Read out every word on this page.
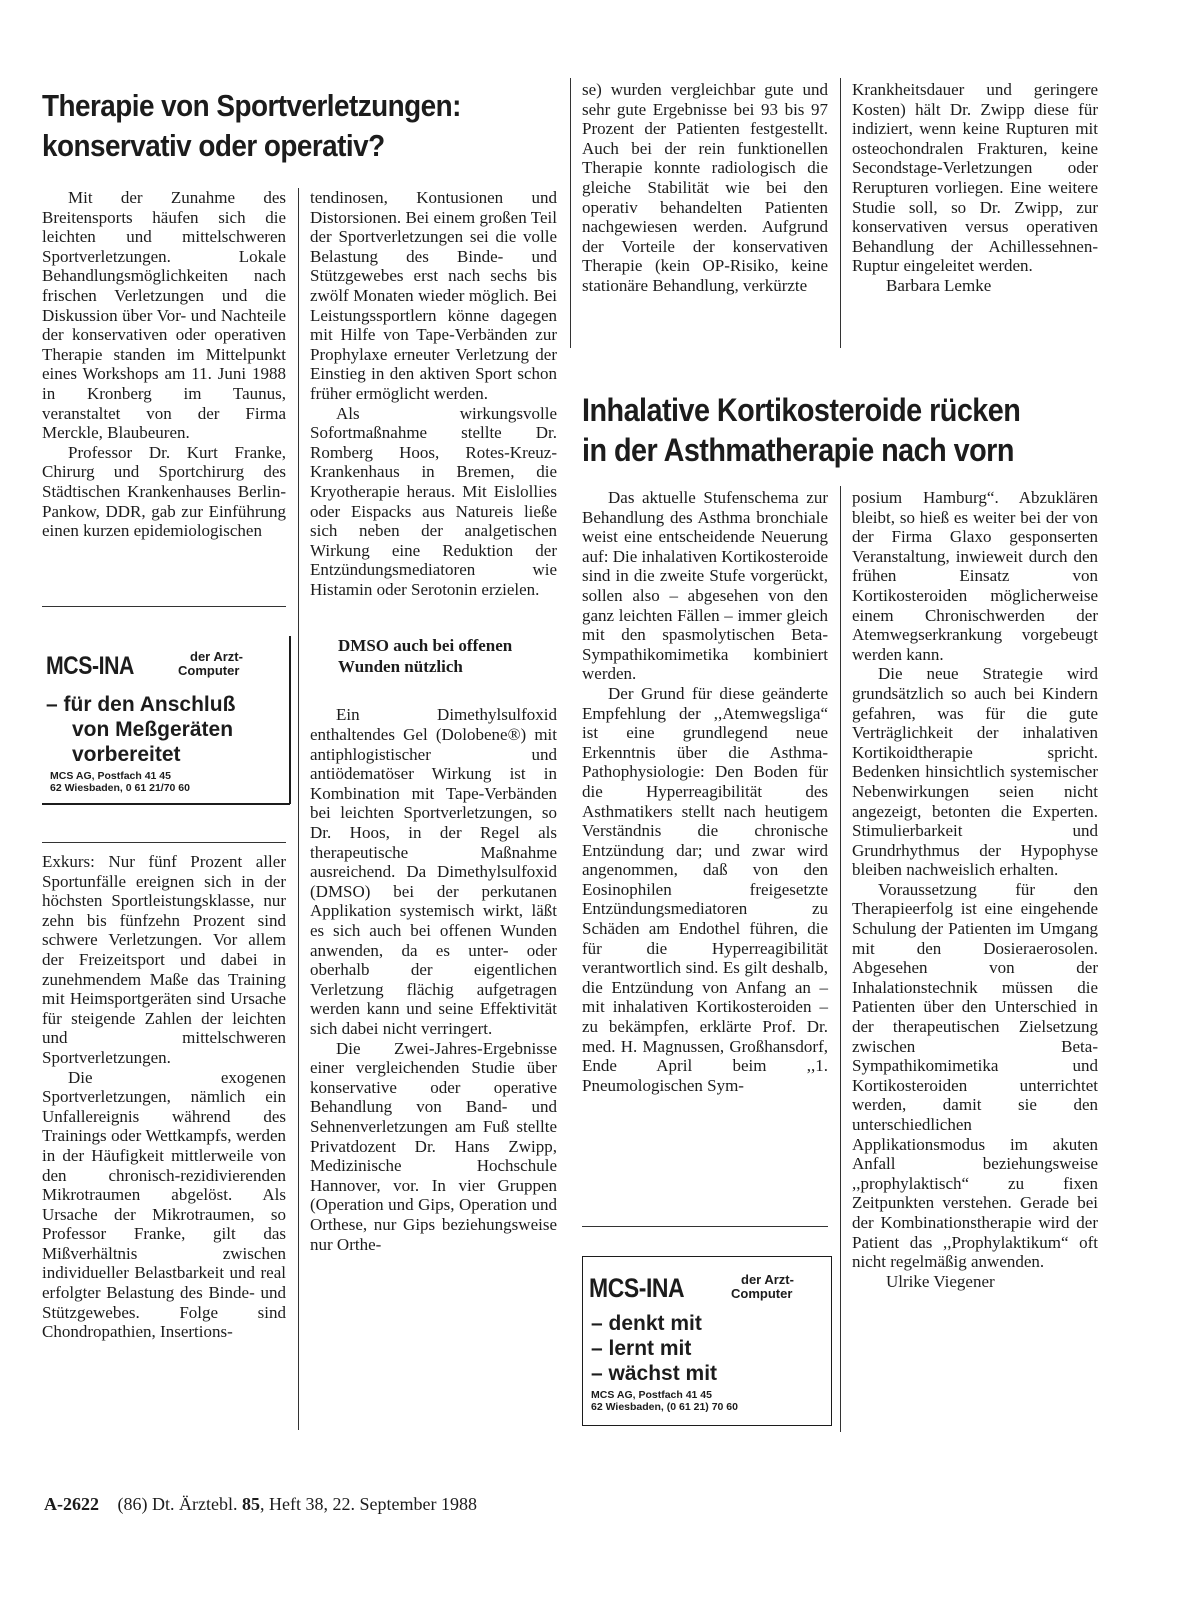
Therapie von Sportverletzungen:
konservativ oder operativ?

Mit der Zunahme des Breitensports häufen sich die leichten und mittelschweren Sportverletzungen. Lokale Behandlungsmöglichkeiten nach frischen Verletzungen und die Diskussion über Vor- und Nachteile der konservativen oder operativen Therapie standen im Mittelpunkt eines Workshops am 11. Juni 1988 in Kronberg im Taunus, veranstaltet von der Firma Merckle, Blaubeuren.

Professor Dr. Kurt Franke, Chirurg und Sportchirurg des Städtischen Krankenhauses Berlin-Pankow, DDR, gab zur Einführung einen kurzen epidemiologischen

MCS-INA	der Arzt-
Computer
– für den Anschluß
von Meßgeräten
vorbereitet
MCS AG, Postfach 41 45
62 Wiesbaden, 0 61 21/70 60

Exkurs: Nur fünf Prozent aller Sportunfälle ereignen sich in der höchsten Sportleistungsklasse, nur zehn bis fünfzehn Prozent sind schwere Verletzungen. Vor allem der Freizeitsport und dabei in zunehmendem Maße das Training mit Heimsportgeräten sind Ursache für steigende Zahlen der leichten und mittelschweren Sportverletzungen.

Die exogenen Sportverletzungen, nämlich ein Unfallereignis während des Trainings oder Wettkampfs, werden in der Häufigkeit mittlerweile von den chronisch-rezidivierenden Mikrotraumen abgelöst. Als Ursache der Mikrotraumen, so Professor Franke, gilt das Mißverhältnis zwischen individueller Belastbarkeit und real erfolgter Belastung des Binde- und Stützgewebes. Folge sind Chondropathien, Insertions-

tendinosen, Kontusionen und Distorsionen. Bei einem großen Teil der Sportverletzungen sei die volle Belastung des Binde- und Stützgewebes erst nach sechs bis zwölf Monaten wieder möglich. Bei Leistungssportlern könne dagegen mit Hilfe von Tape-Verbänden zur Prophylaxe erneuter Verletzung der Einstieg in den aktiven Sport schon früher ermöglicht werden.

Als wirkungsvolle Sofortmaßnahme stellte Dr. Romberg Hoos, Rotes-Kreuz-Krankenhaus in Bremen, die Kryotherapie heraus. Mit Eislollies oder Eispacks aus Natureis ließe sich neben der analgetischen Wirkung eine Reduktion der Entzündungsmediatoren wie Histamin oder Serotonin erzielen.

DMSO auch bei offenen Wunden nützlich

Ein Dimethylsulfoxid enthaltendes Gel (Dolobene®) mit antiphlogistischer und antiödematöser Wirkung ist in Kombination mit Tape-Verbänden bei leichten Sportverletzungen, so Dr. Hoos, in der Regel als therapeutische Maßnahme ausreichend. Da Dimethylsulfoxid (DMSO) bei der perkutanen Applikation systemisch wirkt, läßt es sich auch bei offenen Wunden anwenden, da es unter- oder oberhalb der eigentlichen Verletzung flächig aufgetragen werden kann und seine Effektivität sich dabei nicht verringert.

Die Zwei-Jahres-Ergebnisse einer vergleichenden Studie über konservative oder operative Behandlung von Band- und Sehnenverletzungen am Fuß stellte Privatdozent Dr. Hans Zwipp, Medizinische Hochschule Hannover, vor. In vier Gruppen (Operation und Gips, Operation und Orthese, nur Gips beziehungsweise nur Orthe-

se) wurden vergleichbar gute und sehr gute Ergebnisse bei 93 bis 97 Prozent der Patienten festgestellt. Auch bei der rein funktionellen Therapie konnte radiologisch die gleiche Stabilität wie bei den operativ behandelten Patienten nachgewiesen werden. Aufgrund der Vorteile der konservativen Therapie (kein OP-Risiko, keine stationäre Behandlung, verkürzte

Krankheitsdauer und geringere Kosten) hält Dr. Zwipp diese für indiziert, wenn keine Rupturen mit osteochondralen Frakturen, keine Secondstage-Verletzungen oder Rerupturen vorliegen. Eine weitere Studie soll, so Dr. Zwipp, zur konservativen versus operativen Behandlung der Achillessehnen-Ruptur eingeleitet werden.

Barbara Lemke

Inhalative Kortikosteroide rücken
in der Asthmatherapie nach vorn

Das aktuelle Stufenschema zur Behandlung des Asthma bronchiale weist eine entscheidende Neuerung auf: Die inhalativen Kortikosteroide sind in die zweite Stufe vorgerückt, sollen also – abgesehen von den ganz leichten Fällen – immer gleich mit den spasmolytischen Beta-Sympathikomimetika kombiniert werden.

Der Grund für diese geänderte Empfehlung der ,,Atemwegsliga“ ist eine grundlegend neue Erkenntnis über die Asthma-Pathophysiologie: Den Boden für die Hyperreagibilität des Asthmatikers stellt nach heutigem Verständnis die chronische Entzündung dar; und zwar wird angenommen, daß von den Eosinophilen freigesetzte Entzündungsmediatoren zu Schäden am Endothel führen, die für die Hyperreagibilität verantwortlich sind. Es gilt deshalb, die Entzündung von Anfang an – mit inhalativen Kortikosteroiden – zu bekämpfen, erklärte Prof. Dr. med. H. Magnussen, Großhansdorf, Ende April beim ,,1. Pneumologischen Sym-

MCS-INA	der Arzt-
Computer
– denkt mit
– lernt mit
– wächst mit
MCS AG, Postfach 41 45
62 Wiesbaden, (0 61 21) 70 60

posium Hamburg“. Abzuklären bleibt, so hieß es weiter bei der von der Firma Glaxo gesponserten Veranstaltung, inwieweit durch den frühen Einsatz von Kortikosteroiden möglicherweise einem Chronischwerden der Atemwegserkrankung vorgebeugt werden kann.

Die neue Strategie wird grundsätzlich so auch bei Kindern gefahren, was für die gute Verträglichkeit der inhalativen Kortikoidtherapie spricht. Bedenken hinsichtlich systemischer Nebenwirkungen seien nicht angezeigt, betonten die Experten. Stimulierbarkeit und Grundrhythmus der Hypophyse bleiben nachweislich erhalten.

Voraussetzung für den Therapieerfolg ist eine eingehende Schulung der Patienten im Umgang mit den Dosieraerosolen. Abgesehen von der Inhalationstechnik müssen die Patienten über den Unterschied in der therapeutischen Zielsetzung zwischen Beta-Sympathikomimetika und Kortikosteroiden unterrichtet werden, damit sie den unterschiedlichen Applikationsmodus im akuten Anfall beziehungsweise ,,prophylaktisch“ zu fixen Zeitpunkten verstehen. Gerade bei der Kombinationstherapie wird der Patient das ,,Prophylaktikum“ oft nicht regelmäßig anwenden.

Ulrike Viegener

A-2622 (86) Dt. Ärztebl. 85, Heft 38, 22. September 1988
